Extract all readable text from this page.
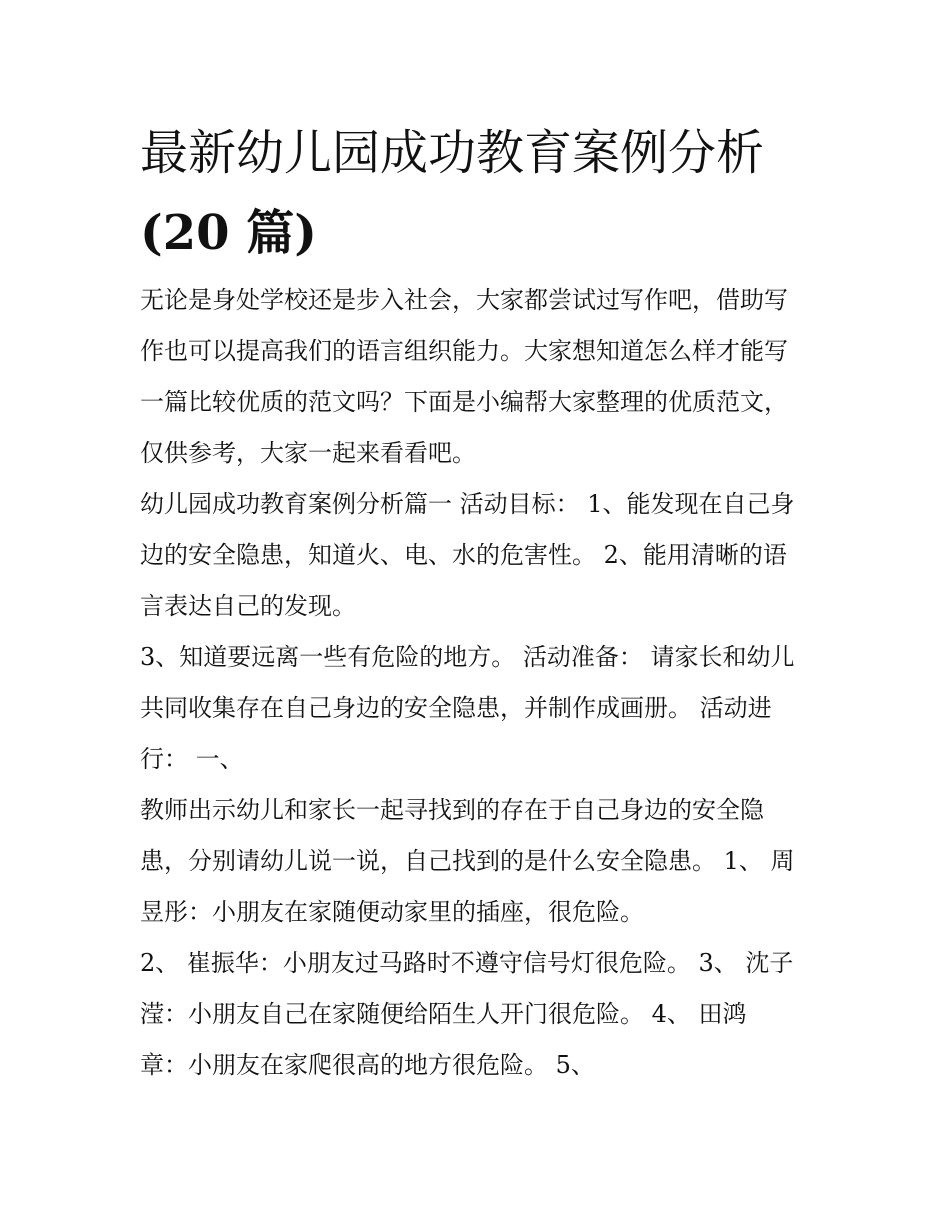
最新幼儿园成功教育案例分析
(20 篇)

无论是身处学校还是步入社会，大家都尝试过写作吧，借助写
作也可以提高我们的语言组织能力。大家想知道怎么样才能写
一篇比较优质的范文吗？下面是小编帮大家整理的优质范文，
仅供参考，大家一起来看看吧。

幼儿园成功教育案例分析篇一 活动目标： 1、能发现在自己身
边的安全隐患，知道火、电、水的危害性。 2、能用清晰的语
言表达自己的发现。

3、知道要远离一些有危险的地方。 活动准备： 请家长和幼儿
共同收集存在自己身边的安全隐患，并制作成画册。 活动进
行： 一、

教师出示幼儿和家长一起寻找到的存在于自己身边的安全隐
患，分别请幼儿说一说，自己找到的是什么安全隐患。 1、 周
昱彤：小朋友在家随便动家里的插座，很危险。

2、 崔振华：小朋友过马路时不遵守信号灯很危险。 3、 沈子
滢：小朋友自己在家随便给陌生人开门很危险。 4、 田鸿
章：小朋友在家爬很高的地方很危险。 5、
